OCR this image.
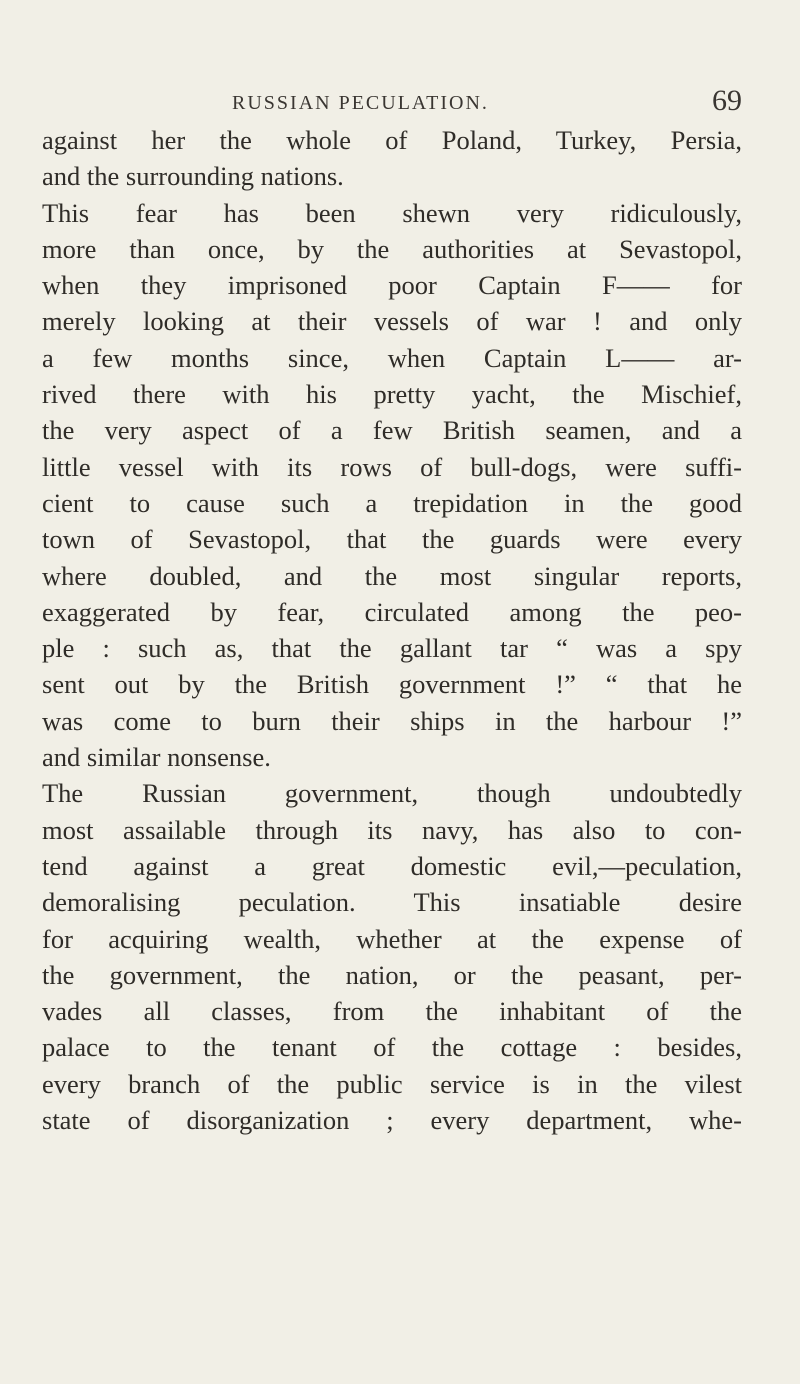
RUSSIAN PECULATION.	69
against her the whole of Poland, Turkey, Persia,
and the surrounding nations.
This fear has been shewn very ridiculously,
more than once, by the authorities at Sevastopol,
when they imprisoned poor Captain F—— for
merely looking at their vessels of war ! and only
a few months since, when Captain L—— ar-
rived there with his pretty yacht, the Mischief,
the very aspect of a few British seamen, and a
little vessel with its rows of bull-dogs, were suffi-
cient to cause such a trepidation in the good
town of Sevastopol, that the guards were every
where doubled, and the most singular reports,
exaggerated by fear, circulated among the peo-
ple : such as, that the gallant tar “ was a spy
sent out by the British government !” “ that he
was come to burn their ships in the harbour !”
and similar nonsense.
The Russian government, though undoubtedly
most assailable through its navy, has also to con-
tend against a great domestic evil,—peculation,
demoralising peculation. This insatiable desire
for acquiring wealth, whether at the expense of
the government, the nation, or the peasant, per-
vades all classes, from the inhabitant of the
palace to the tenant of the cottage : besides,
every branch of the public service is in the vilest
state of disorganization ; every department, whe-
